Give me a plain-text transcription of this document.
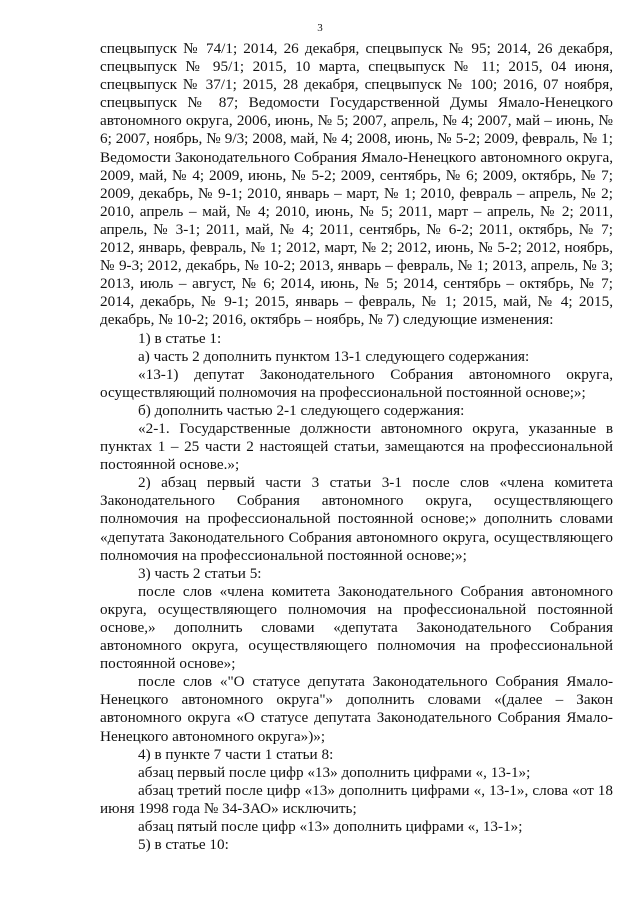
3

спецвыпуск № 74/1; 2014, 26 декабря, спецвыпуск № 95; 2014, 26 декабря, спецвыпуск № 95/1; 2015, 10 марта, спецвыпуск № 11; 2015, 04 июня, спецвыпуск № 37/1; 2015, 28 декабря, спецвыпуск № 100; 2016, 07 ноября, спецвыпуск № 87; Ведомости Государственной Думы Ямало-Ненецкого автономного округа, 2006, июнь, № 5; 2007, апрель, № 4; 2007, май – июнь, № 6; 2007, ноябрь, № 9/3; 2008, май, № 4; 2008, июнь, № 5-2; 2009, февраль, № 1; Ведомости Законодательного Собрания Ямало-Ненецкого автономного округа, 2009, май, № 4; 2009, июнь, № 5-2; 2009, сентябрь, № 6; 2009, октябрь, № 7; 2009, декабрь, № 9-1; 2010, январь – март, № 1; 2010, февраль – апрель, № 2; 2010, апрель – май, № 4; 2010, июнь, № 5; 2011, март – апрель, № 2; 2011, апрель, № 3-1; 2011, май, № 4; 2011, сентябрь, № 6-2; 2011, октябрь, № 7; 2012, январь, февраль, № 1; 2012, март, № 2; 2012, июнь, № 5-2; 2012, ноябрь, № 9-3; 2012, декабрь, № 10-2; 2013, январь – февраль, № 1; 2013, апрель, № 3; 2013, июль – август, № 6; 2014, июнь, № 5; 2014, сентябрь – октябрь, № 7; 2014, декабрь, № 9-1; 2015, январь – февраль, № 1; 2015, май, № 4; 2015, декабрь, № 10-2; 2016, октябрь – ноябрь, № 7) следующие изменения:

1) в статье 1:

а) часть 2 дополнить пунктом 13-1 следующего содержания:

«13-1) депутат Законодательного Собрания автономного округа, осуществляющий полномочия на профессиональной постоянной основе;»;

б) дополнить частью 2-1 следующего содержания:

«2-1. Государственные должности автономного округа, указанные в пунктах 1 – 25 части 2 настоящей статьи, замещаются на профессиональной постоянной основе.»;

2) абзац первый части 3 статьи 3-1 после слов «члена комитета Законодательного Собрания автономного округа, осуществляющего полномочия на профессиональной постоянной основе;» дополнить словами «депутата Законодательного Собрания автономного округа, осуществляющего полномочия на профессиональной постоянной основе;»;

3) часть 2 статьи 5:

после слов «члена комитета Законодательного Собрания автономного округа, осуществляющего полномочия на профессиональной постоянной основе,» дополнить словами «депутата Законодательного Собрания автономного округа, осуществляющего полномочия на профессиональной постоянной основе»;

после слов «"О статусе депутата Законодательного Собрания Ямало-Ненецкого автономного округа"» дополнить словами «(далее – Закон автономного округа «О статусе депутата Законодательного Собрания Ямало-Ненецкого автономного округа»)»;

4) в пункте 7 части 1 статьи 8:

абзац первый после цифр «13» дополнить цифрами «, 13-1»;

абзац третий после цифр «13» дополнить цифрами «, 13-1», слова «от 18 июня 1998 года № 34-ЗАО» исключить;

абзац пятый после цифр «13» дополнить цифрами «, 13-1»;

5) в статье 10:
